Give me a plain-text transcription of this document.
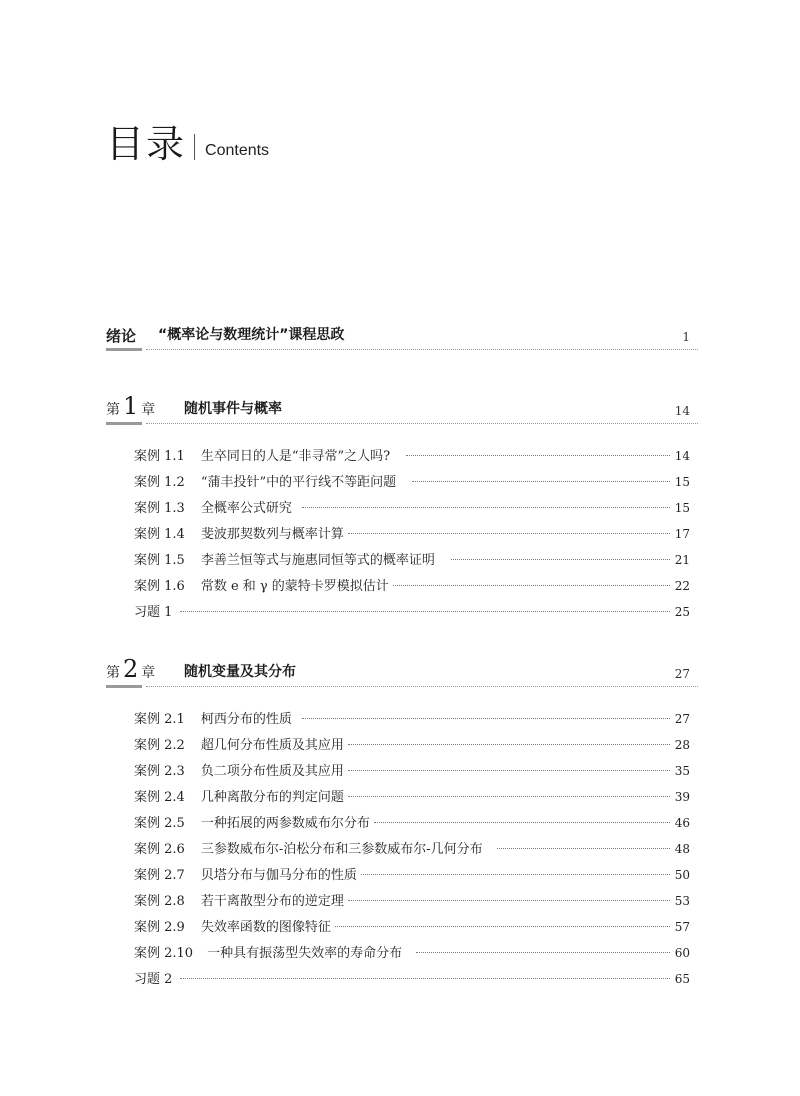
目录 Contents
绪论 “概率论与数理统计”课程思政	1
第 1 章 随机事件与概率	14
案例 1.1 生卒同日的人是“非寻常”之人吗?	14
案例 1.2 “蒲丰投针”中的平行线不等距问题	15
案例 1.3 全概率公式研究	15
案例 1.4 斐波那契数列与概率计算	17
案例 1.5 李善兰恒等式与施惠同恒等式的概率证明	21
案例 1.6 常数 e 和 γ 的蒙特卡罗模拟估计	22
习题 1	25
第 2 章 随机变量及其分布	27
案例 2.1 柯西分布的性质	27
案例 2.2 超几何分布性质及其应用	28
案例 2.3 负二项分布性质及其应用	35
案例 2.4 几种离散分布的判定问题	39
案例 2.5 一种拓展的两参数威布尔分布	46
案例 2.6 三参数威布尔-泊松分布和三参数威布尔-几何分布	48
案例 2.7 贝塔分布与伽马分布的性质	50
案例 2.8 若干离散型分布的逆定理	53
案例 2.9 失效率函数的图像特征	57
案例 2.10 一种具有振荡型失效率的寿命分布	60
习题 2	65
